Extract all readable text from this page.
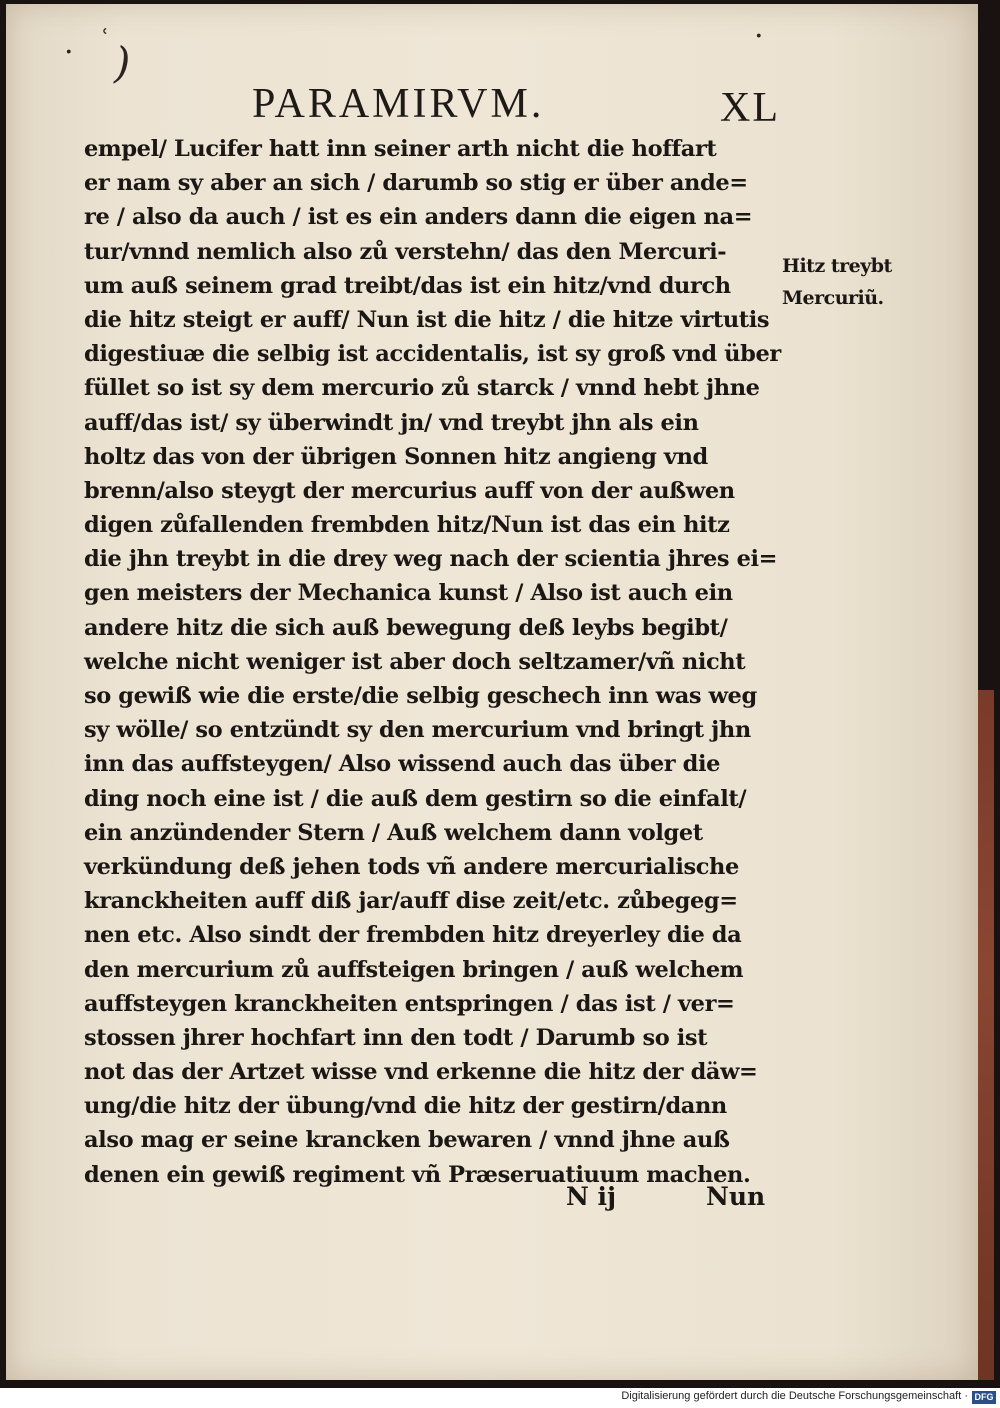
ʿ )
.	.
PARAMIRVM.	XL
empel/ Lucifer hatt inn seiner arth nicht die hoffart
er nam sy aber an sich / darumb so stig er über ande=
re / also da auch / ist es ein anders dann die eigen na=
tur/vnnd nemlich also zů verstehn/ das den Mercuri-
um auß seinem grad treibt/das ist ein hitz/vnd durch
die hitz steigt er auff/ Nun ist die hitz / die hitze virtutis
digestiuæ die selbig ist accidentalis, ist sy groß vnd über
füllet so ist sy dem mercurio zů starck / vnnd hebt jhne
auff/das ist/ sy überwindt jn/ vnd treybt jhn als ein
holtz das von der übrigen Sonnen hitz angieng vnd
brenn/also steygt der mercurius auff von der außwen
digen zůfallenden frembden hitz/Nun ist das ein hitz
die jhn treybt in die drey weg nach der scientia jhres ei=
gen meisters der Mechanica kunst / Also ist auch ein
andere hitz die sich auß bewegung deß leybs begibt/
welche nicht weniger ist aber doch seltzamer/vñ nicht
so gewiß wie die erste/die selbig geschech inn was weg
sy wölle/ so entzündt sy den mercurium vnd bringt jhn
inn das auffsteygen/ Also wissend auch das über die
ding noch eine ist / die auß dem gestirn so die einfalt/
ein anzündender Stern / Auß welchem dann volget
verkündung deß jehen tods vñ andere mercurialische
kranckheiten auff diß jar/auff dise zeit/etc. zůbegeg=
nen etc. Also sindt der frembden hitz dreyerley die da
den mercurium zů auffsteigen bringen / auß welchem
auffsteygen kranckheiten entspringen / das ist / ver=
stossen jhrer hochfart inn den todt / Darumb so ist
not das der Artzet wisse vnd erkenne die hitz der däw=
ung/die hitz der übung/vnd die hitz der gestirn/dann
also mag er seine krancken bewaren / vnnd jhne auß
denen ein gewiß regiment vñ Præseruatiuum machen.
Hitz treybt
Mercuriũ.
N ij	Nun
Digitalisierung gefördert durch die Deutsche Forschungsgemeinschaft · DFG
